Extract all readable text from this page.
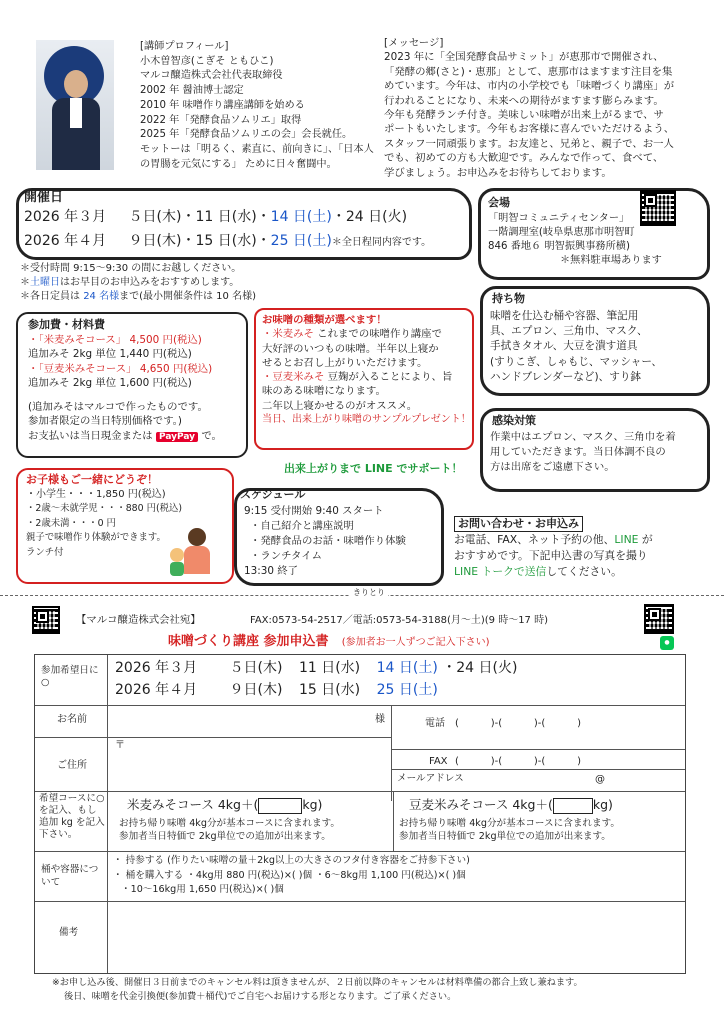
[講師プロフィール]
小木曽智彦(こぎそ ともひこ)
マルコ醸造株式会社代表取締役
2002 年 醤油博士認定
2010 年 味噌作り講座講師を始める
2022 年「発酵食品ソムリエ」取得
2025 年「発酵食品ソムリエの会」会長就任。
モットーは「明るく、素直に、前向きに」、「日本人
の胃腸を元気にする」 ために日々奮闘中。
[メッセージ]
2023 年に「全国発酵食品サミット」が恵那市で開催され、
「発酵の郷(さと)・恵那」として、恵那市はますます注目を集
めています。今年は、市内の小学校でも「味噌づくり講座」が
行われることになり、未来への期待がますます膨らみます。
今年も発酵ランチ付き。美味しい味噌が出来上がるまで、サ
ポートもいたします。今年もお客様に喜んでいただけるよう、
スタッフ一同頑張ります。お友達と、兄弟と、親子で、お一人
でも、初めての方も大歓迎です。みんなで作って、食べて、
学びましょう。お申込みをお待ちしております。
開催日
2026 年３月 ５日(木)・11 日(水)・14 日(土)・24 日(火)
2026 年４月 ９日(木)・15 日(水)・25 日(土)＊全日程同内容です。
＊受付時間 9:15～9:30 の間にお越しください。
＊土曜日はお早目のお申込みをおすすめします。
＊各日定員は 24 名様まで(最小開催条件は 10 名様)
会場
「明智コミュニティセンター」
一階調理室(岐阜県恵那市明智町
846 番地６ 明智振興事務所横)
＊無料駐車場あります
参加費・材料費
・「米麦みそコース」 4,500 円(税込)
追加みそ 2kg 単位 1,440 円(税込)
・「豆麦米みそコース」 4,650 円(税込)
追加みそ 2kg 単位 1,600 円(税込)
(追加みそはマルコで作ったものです。
参加者限定の当日特別価格です。)
お支払いは当日現金または PayPay で。
お味噌の種類が選べます！
・米麦みそ これまでの味噌作り講座で
大好評のいつもの味噌。半年以上寝か
せるとお召し上がりいただけます。
・豆麦米みそ 豆麹が入ることにより、旨
味のある味噌になります。
二年以上寝かせるのがオススメ。
当日、出来上がり味噌のサンプルプレゼント！
出来上がりまで LINE でサポート！
持ち物
味噌を仕込む桶や容器、筆記用
具、エプロン、三角巾、マスク、
手拭きタオル、大豆を潰す道具
(すりこぎ、しゃもじ、マッシャー、
ハンドブレンダーなど)、すり鉢
感染対策
作業中はエプロン、マスク、三角巾を着
用していただきます。当日体調不良の
方は出席をご遠慮下さい。
お子様もご一緒にどうぞ！
・小学生・・・1,850 円(税込)
・2歳～未就学児・・・880 円(税込)
・2歳未満・・・0 円
親子で味噌作り体験ができます。
ランチ付
スケジュール
9:15 受付開始 9:40 スタート
・自己紹介と講座説明
・発酵食品のお話・味噌作り体験
・ランチタイム
13:30 終了
お問い合わせ・お申込み
お電話、FAX、ネット予約の他、LINE が
おすすめです。下記申込書の写真を撮り
LINE トークで送信してください。
きりとり
●
【マルコ醸造株式会社宛】	FAX:0573-54-2517／電話:0573-54-3188(月～土)(9 時～17 時)
味噌づくり講座 参加申込書 (参加者お一人ずつご記入下さい)
参加希望日に○
2026 年３月 ５日(木) 11 日(水) 14 日(土) ・24 日(火)
2026 年４月 ９日(木) 15 日(水) 25 日(土)
お名前	様	電話 (          )-(          )-(          )
ご住所
〒
FAX (          )-(          )-(          )
メールアドレス	@
希望コースに○を記入、もし追加 kg を記入下さい。
米麦みそコース 4kg＋(	kg)
お持ち帰り味噌 4kg分が基本コースに含まれます。
参加者当日特価で 2kg単位での追加が出来ます。
豆麦米みそコース 4kg＋(	kg)
お持ち帰り味噌 4kg分が基本コースに含まれます。
参加者当日特価で 2kg単位での追加が出来ます。
桶や容器について
・ 持参する (作りたい味噌の量＋2kg以上の大きさのフタ付き容器をご持参下さい)
・ 桶を購入する ・4kg用 880 円(税込)×( )個 ・6～8kg用 1,100 円(税込)×( )個
・10～16kg用 1,650 円(税込)×( )個
備考
※お申し込み後、開催日３日前までのキャンセル料は頂きませんが、２日前以降のキャンセルは材料準備の都合上致し兼ねます。
後日、味噌を代金引換便(参加費＋桶代)でご自宅へお届けする形となります。ご了承ください。
